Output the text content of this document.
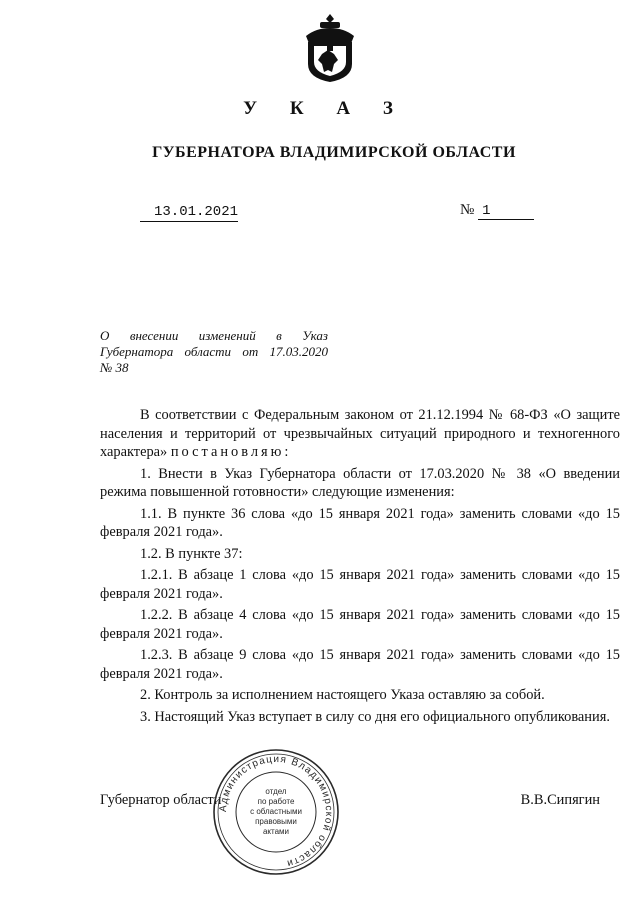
У К А З
ГУБЕРНАТОРА ВЛАДИМИРСКОЙ ОБЛАСТИ
13.01.2021	№ 1
О внесении изменений в Указ
Губернатора области от 17.03.2020
№ 38

В соответствии с Федеральным законом от 21.12.1994 № 68-ФЗ «О защите населения и территорий от чрезвычайных ситуаций природного и техногенного характера» постановляю:

1. Внести в Указ Губернатора области от 17.03.2020 № 38 «О введении режима повышенной готовности» следующие изменения:

1.1. В пункте 36 слова «до 15 января 2021 года» заменить словами «до 15 февраля 2021 года».

1.2. В пункте 37:

1.2.1. В абзаце 1 слова «до 15 января 2021 года» заменить словами «до 15 февраля 2021 года».

1.2.2. В абзаце 4 слова «до 15 января 2021 года» заменить словами «до 15 февраля 2021 года».

1.2.3. В абзаце 9 слова «до 15 января 2021 года» заменить словами «до 15 февраля 2021 года».

2. Контроль за исполнением настоящего Указа оставляю за собой.

3. Настоящий Указ вступает в силу со дня его официального опубликования.

Губернатор области	В.В.Сипягин
Администрация Владимирской области
отдел
по работе
с областными
правовыми
актами
